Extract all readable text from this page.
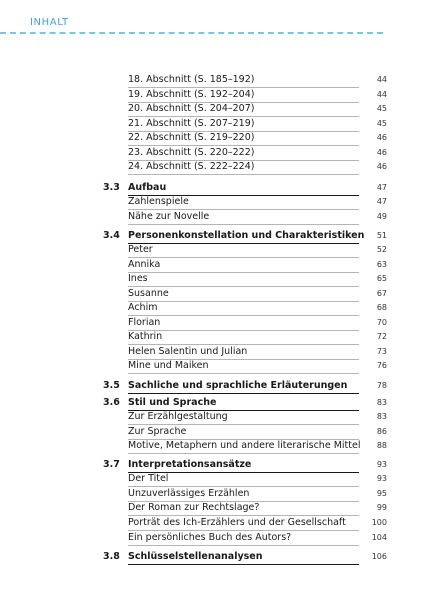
INHALT
18. Abschnitt (S. 185–192)	44
19. Abschnitt (S. 192–204)	44
20. Abschnitt (S. 204–207)	45
21. Abschnitt (S. 207–219)	45
22. Abschnitt (S. 219–220)	46
23. Abschnitt (S. 220–222)	46
24. Abschnitt (S. 222–224)	46
3.3 Aufbau	47
Zahlenspiele	47
Nähe zur Novelle	49
3.4 Personenkonstellation und Charakteristiken	51
Peter	52
Annika	63
Ines	65
Susanne	67
Achim	68
Florian	70
Kathrin	72
Helen Salentin und Julian	73
Mine und Maiken	76
3.5 Sachliche und sprachliche Erläuterungen	78
3.6 Stil und Sprache	83
Zur Erzählgestaltung	83
Zur Sprache	86
Motive, Metaphern und andere literarische Mittel	88
3.7 Interpretationsansätze	93
Der Titel	93
Unzuverlässiges Erzählen	95
Der Roman zur Rechtslage?	99
Porträt des Ich-Erzählers und der Gesellschaft	100
Ein persönliches Buch des Autors?	104
3.8 Schlüsselstellenanalysen	106
